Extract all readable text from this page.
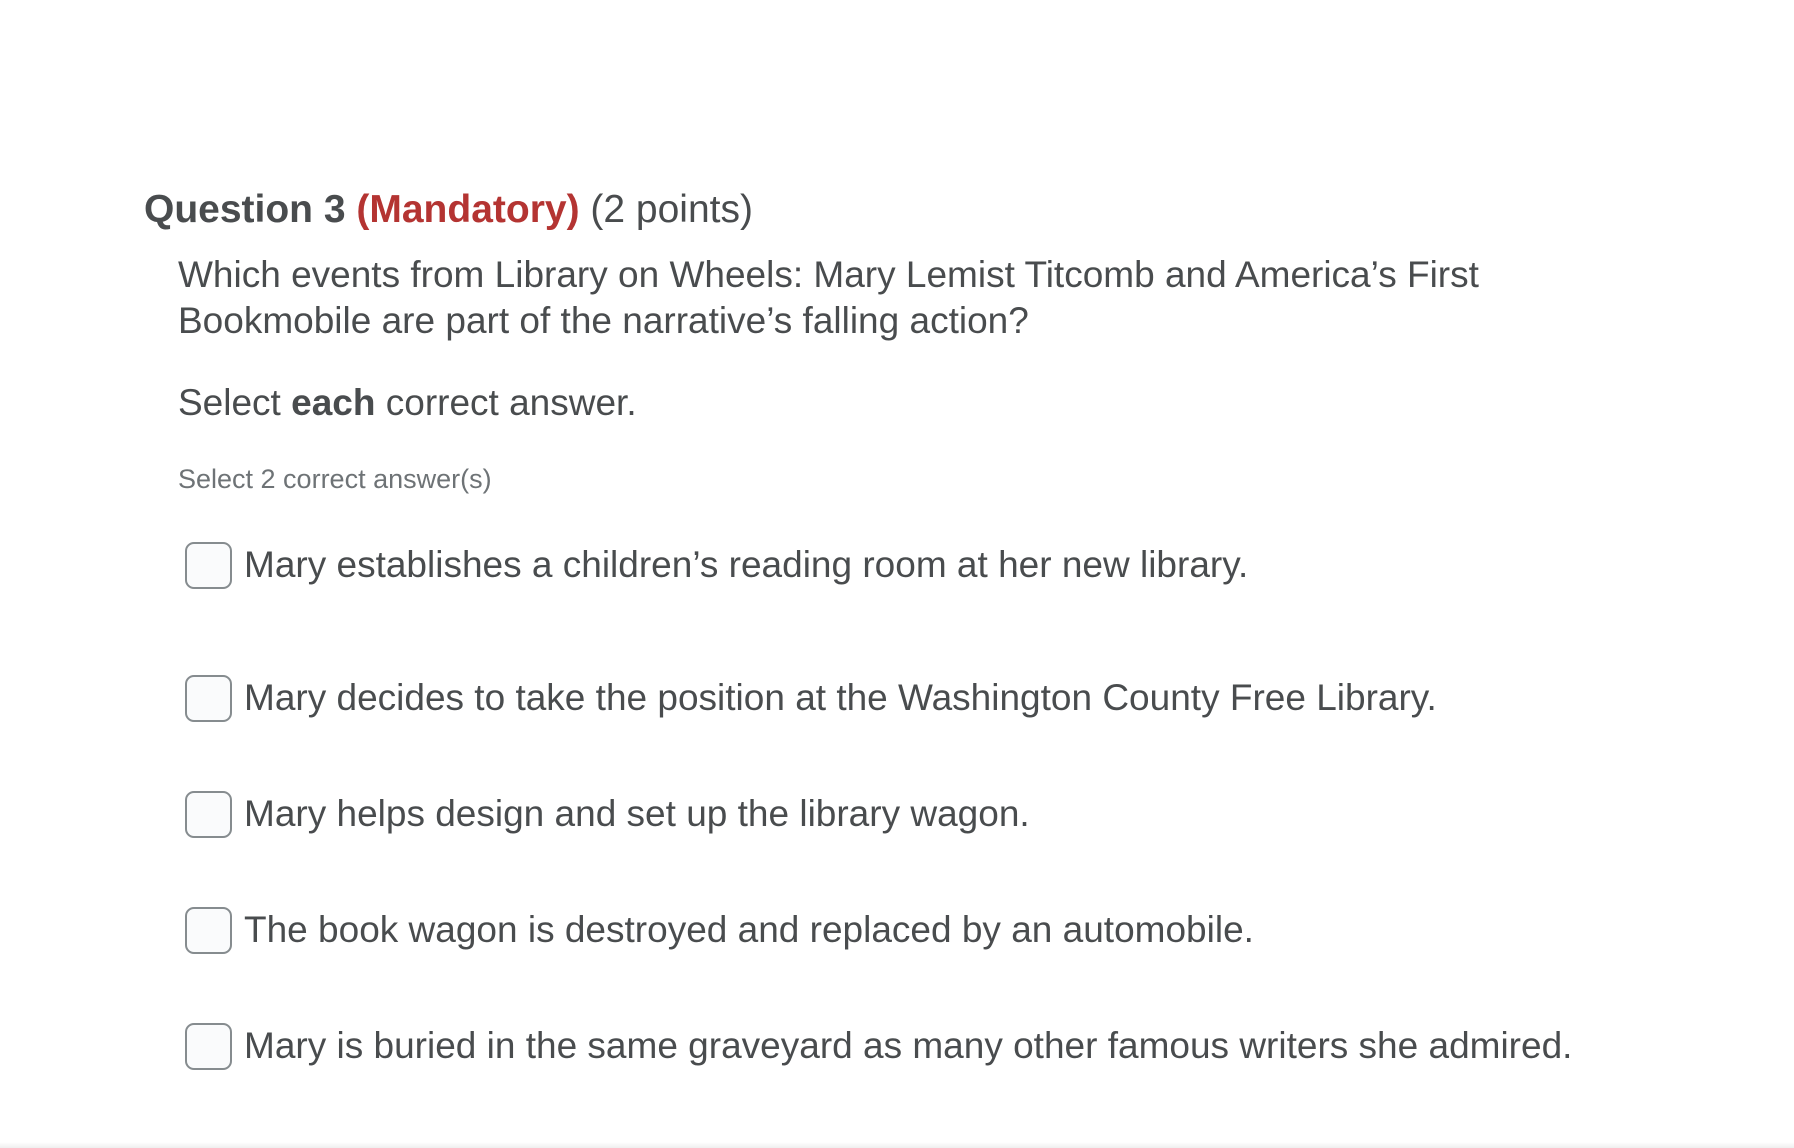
Question 3 (Mandatory) (2 points)

Which events from Library on Wheels: Mary Lemist Titcomb and America’s First Bookmobile are part of the narrative’s falling action?

Select each correct answer.

Select 2 correct answer(s)

Mary establishes a children’s reading room at her new library.
Mary decides to take the position at the Washington County Free Library.
Mary helps design and set up the library wagon.
The book wagon is destroyed and replaced by an automobile.
Mary is buried in the same graveyard as many other famous writers she admired.
